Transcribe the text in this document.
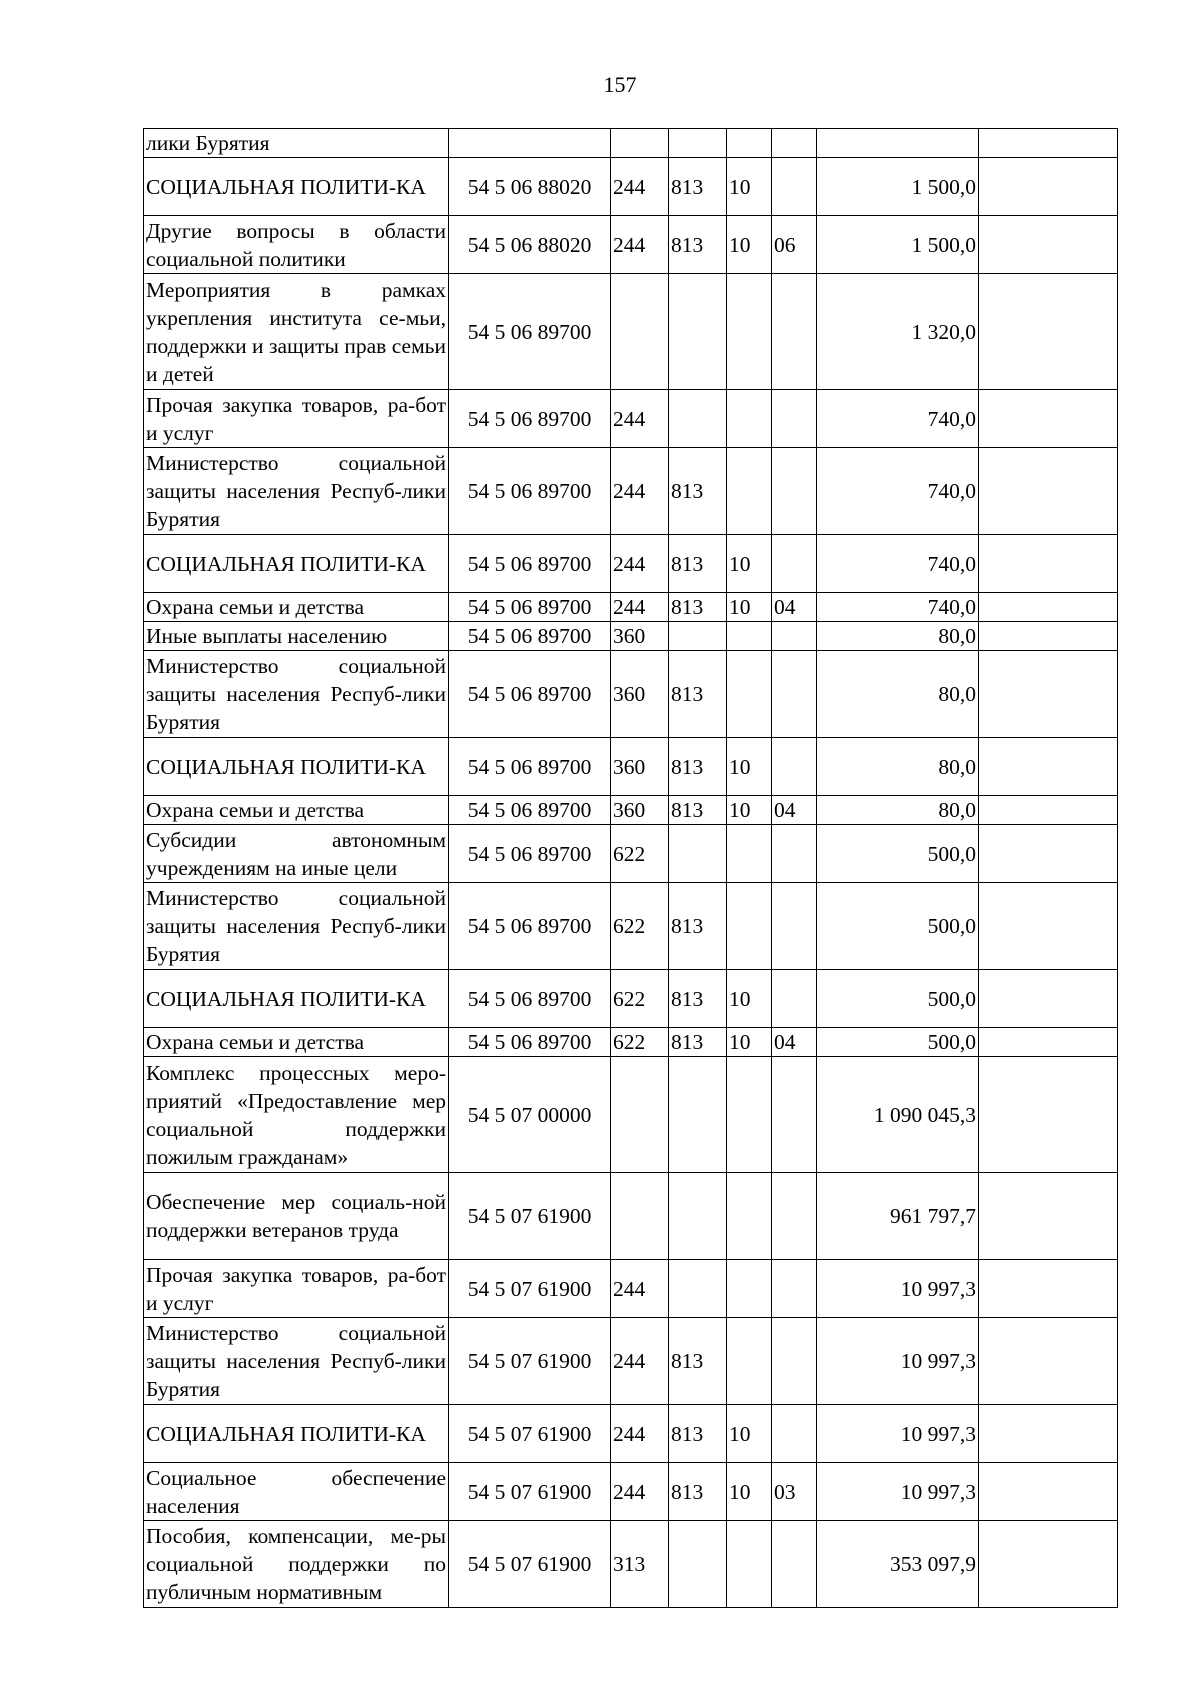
157
лики Бурятия							
СОЦИАЛЬНАЯ ПОЛИТИ-КА	54 5 06 88020	244	813	10		1 500,0	
Другие вопросы в области социальной политики	54 5 06 88020	244	813	10	06	1 500,0	
Мероприятия в рамках укрепления института се-мьи, поддержки и защиты прав семьи и детей	54 5 06 89700					1 320,0	
Прочая закупка товаров, ра-бот и услуг	54 5 06 89700	244				740,0	
Министерство социальной защиты населения Респуб-лики Бурятия	54 5 06 89700	244	813			740,0	
СОЦИАЛЬНАЯ ПОЛИТИ-КА	54 5 06 89700	244	813	10		740,0	
Охрана семьи и детства	54 5 06 89700	244	813	10	04	740,0	
Иные выплаты населению	54 5 06 89700	360				80,0	
Министерство социальной защиты населения Респуб-лики Бурятия	54 5 06 89700	360	813			80,0	
СОЦИАЛЬНАЯ ПОЛИТИ-КА	54 5 06 89700	360	813	10		80,0	
Охрана семьи и детства	54 5 06 89700	360	813	10	04	80,0	
Субсидии автономным учреждениям на иные цели	54 5 06 89700	622				500,0	
Министерство социальной защиты населения Респуб-лики Бурятия	54 5 06 89700	622	813			500,0	
СОЦИАЛЬНАЯ ПОЛИТИ-КА	54 5 06 89700	622	813	10		500,0	
Охрана семьи и детства	54 5 06 89700	622	813	10	04	500,0	
Комплекс процессных меро-приятий «Предоставление мер социальной поддержки пожилым гражданам»	54 5 07 00000					1 090 045,3	
Обеспечение мер социаль-ной поддержки ветеранов труда	54 5 07 61900					961 797,7	
Прочая закупка товаров, ра-бот и услуг	54 5 07 61900	244				10 997,3	
Министерство социальной защиты населения Респуб-лики Бурятия	54 5 07 61900	244	813			10 997,3	
СОЦИАЛЬНАЯ ПОЛИТИ-КА	54 5 07 61900	244	813	10		10 997,3	
Социальное обеспечение населения	54 5 07 61900	244	813	10	03	10 997,3	
Пособия, компенсации, ме-ры социальной поддержки по публичным нормативным	54 5 07 61900	313				353 097,9	
